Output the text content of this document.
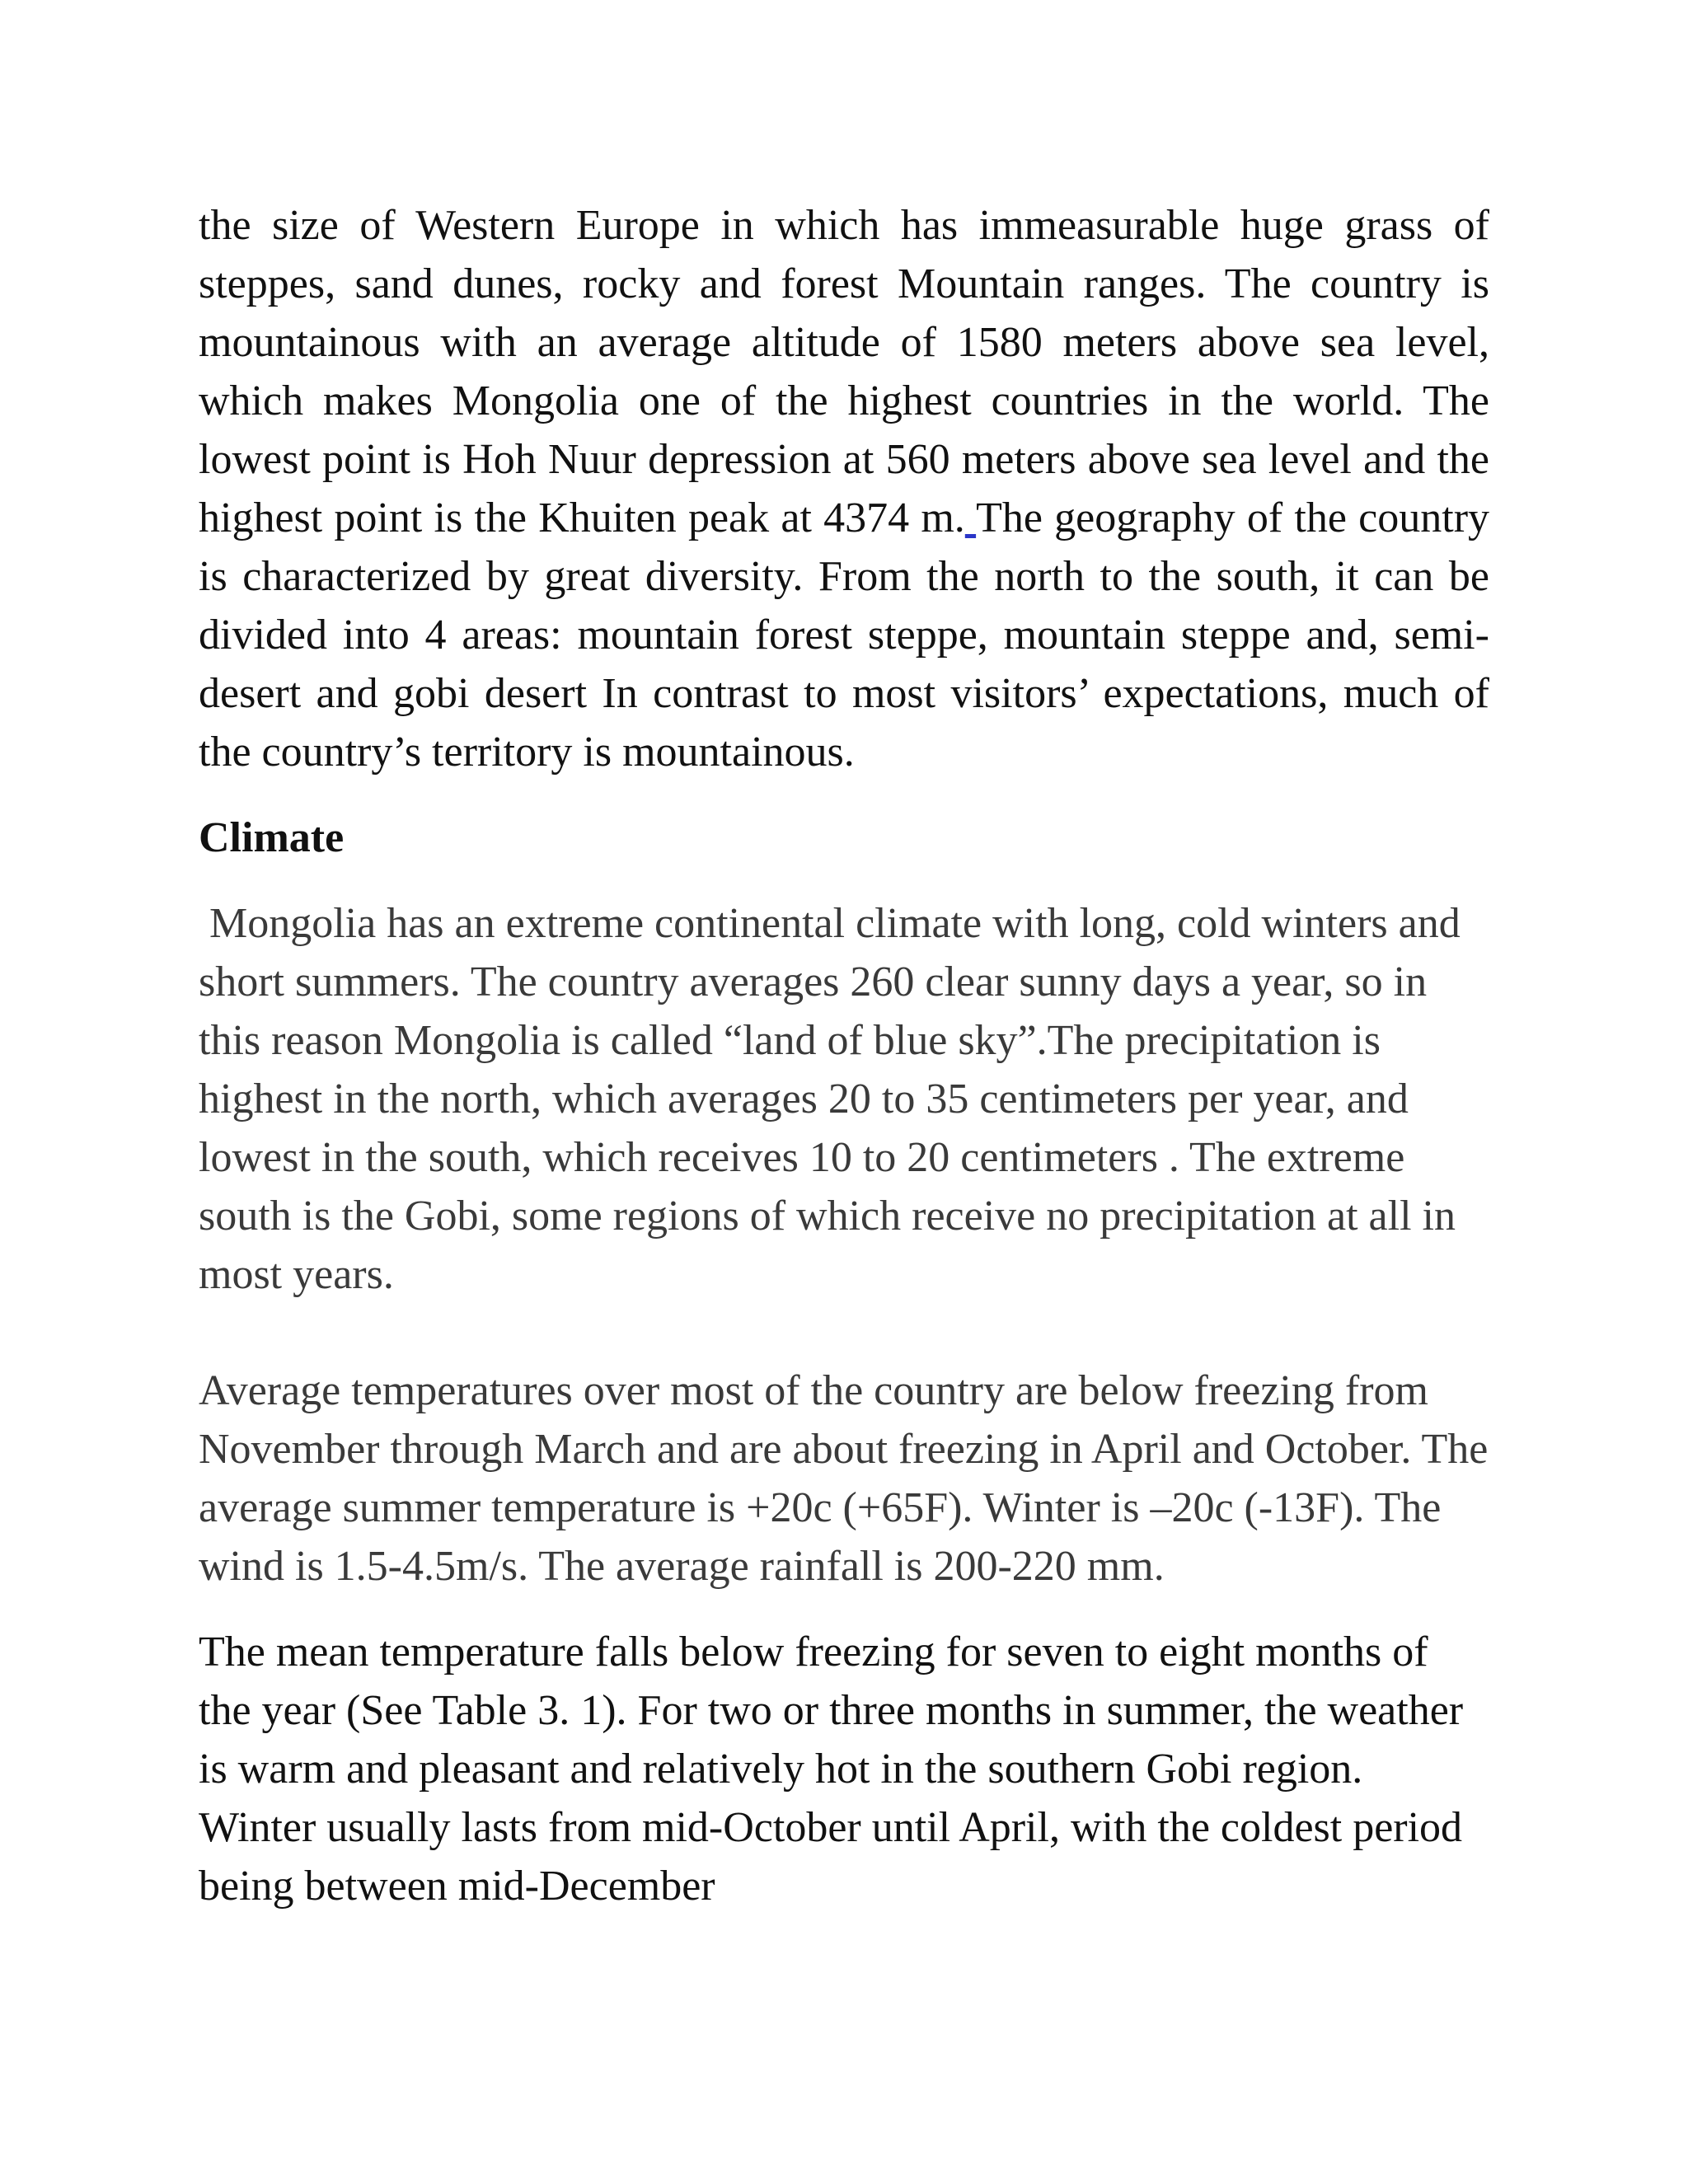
the size of Western Europe in which has immeasurable huge grass of steppes, sand dunes, rocky and forest Mountain ranges. The country is mountainous with an average altitude of 1580 meters above sea level, which makes Mongolia one of the highest countries in the world. The lowest point is Hoh Nuur depression at 560 meters above sea level and the highest point is the Khuiten peak at 4374 m. The geography of the country is characterized by great diversity. From the north to the south, it can be divided into 4 areas: mountain forest steppe, mountain steppe and, semi-desert and gobi desert In contrast to most visitors’ expectations, much of the country’s territory is mountainous.

Climate

Mongolia has an extreme continental climate with long, cold winters and short summers. The country averages 260 clear sunny days a year, so in  this reason Mongolia is called “land of blue sky”.The precipitation is highest in the north, which averages 20 to 35 centimeters per year, and lowest in the south, which receives 10 to 20 centimeters . The extreme south is the Gobi, some regions of which receive no precipitation at all in most years.

Average temperatures over most of the country are below freezing from November through March and are about freezing in April and October. The average summer temperature is +20c (+65F). Winter is –20c (-13F). The wind is 1.5-4.5m/s. The average rainfall is 200-220 mm.

The mean temperature falls below freezing for seven to eight months of the year (See Table 3. 1). For two or three months in summer, the weather is warm and pleasant and relatively hot in the southern Gobi region. Winter usually lasts from mid-October until April, with the coldest period being between mid-December
